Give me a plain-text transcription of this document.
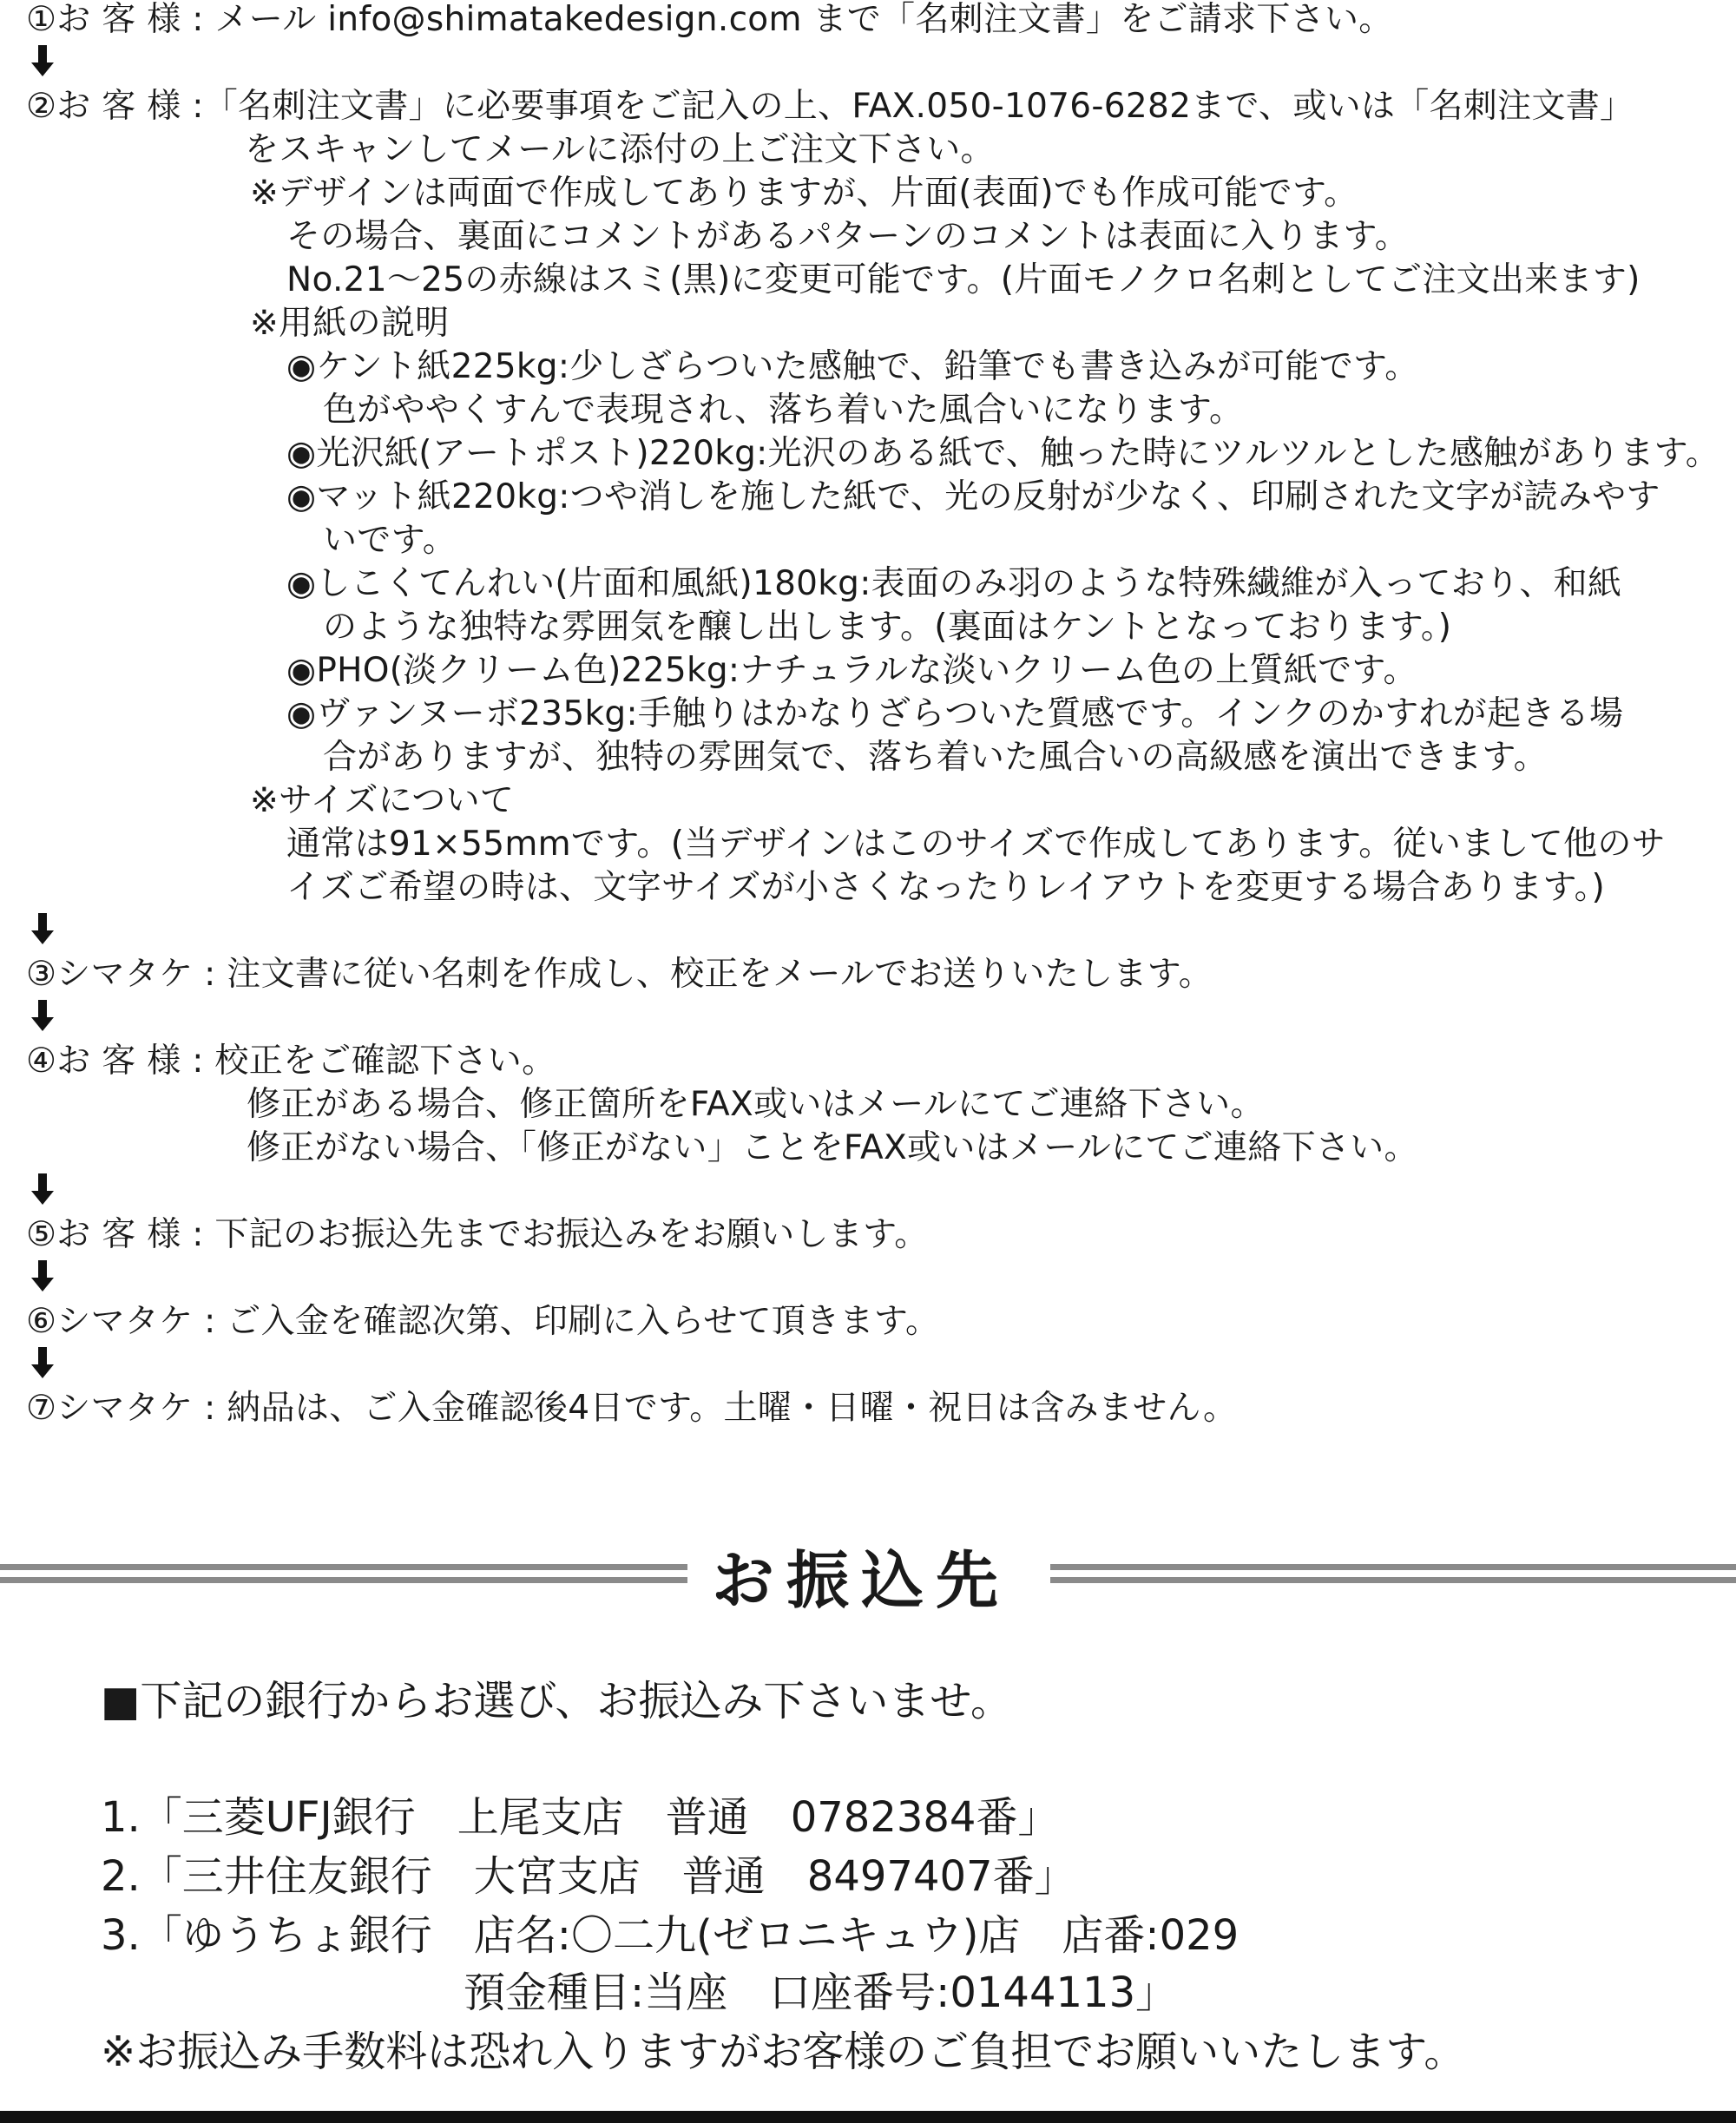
①お 客 様 : メール info@shimatakedesign.com まで「名刺注文書」をご請求下さい。
②お 客 様 :「名刺注文書」に必要事項をご記入の上、FAX.050-1076-6282まで、或いは「名刺注文書」
をスキャンしてメールに添付の上ご注文下さい。
※デザインは両面で作成してありますが、片面(表面)でも作成可能です。
その場合、裏面にコメントがあるパターンのコメントは表面に入ります。
No.21〜25の赤線はスミ(黒)に変更可能です。(片面モノクロ名刺としてご注文出来ます)
※用紙の説明
◉ケント紙225kg:少しざらついた感触で、鉛筆でも書き込みが可能です。
色がややくすんで表現され、落ち着いた風合いになります。
◉光沢紙(アートポスト)220kg:光沢のある紙で、触った時にツルツルとした感触があります。
◉マット紙220kg:つや消しを施した紙で、光の反射が少なく、印刷された文字が読みやす
いです。
◉しこくてんれい(片面和風紙)180kg:表面のみ羽のような特殊繊維が入っており、和紙
のような独特な雰囲気を醸し出します。(裏面はケントとなっております。)
◉PHO(淡クリーム色)225kg:ナチュラルな淡いクリーム色の上質紙です。
◉ヴァンヌーボ235kg:手触りはかなりざらついた質感です。インクのかすれが起きる場
合がありますが、独特の雰囲気で、落ち着いた風合いの高級感を演出できます。
※サイズについて
通常は91×55mmです。(当デザインはこのサイズで作成してあります。従いまして他のサ
イズご希望の時は、文字サイズが小さくなったりレイアウトを変更する場合あります。)
③シマタケ : 注文書に従い名刺を作成し、校正をメールでお送りいたします。
④お 客 様 : 校正をご確認下さい。
修正がある場合、修正箇所をFAX或いはメールにてご連絡下さい。
修正がない場合、「修正がない」ことをFAX或いはメールにてご連絡下さい。
⑤お 客 様 : 下記のお振込先までお振込みをお願いします。
⑥シマタケ : ご入金を確認次第、印刷に入らせて頂きます。
⑦シマタケ : 納品は、ご入金確認後4日です。土曜・日曜・祝日は含みません。
お振込先
■下記の銀行からお選び、お振込み下さいませ。
1.「三菱UFJ銀行　上尾支店　普通　0782384番」
2.「三井住友銀行　大宮支店　普通　8497407番」
3.「ゆうちょ銀行　店名:〇二九(ゼロニキュウ)店　店番:029
預金種目:当座　口座番号:0144113」
※お振込み手数料は恐れ入りますがお客様のご負担でお願いいたします。
